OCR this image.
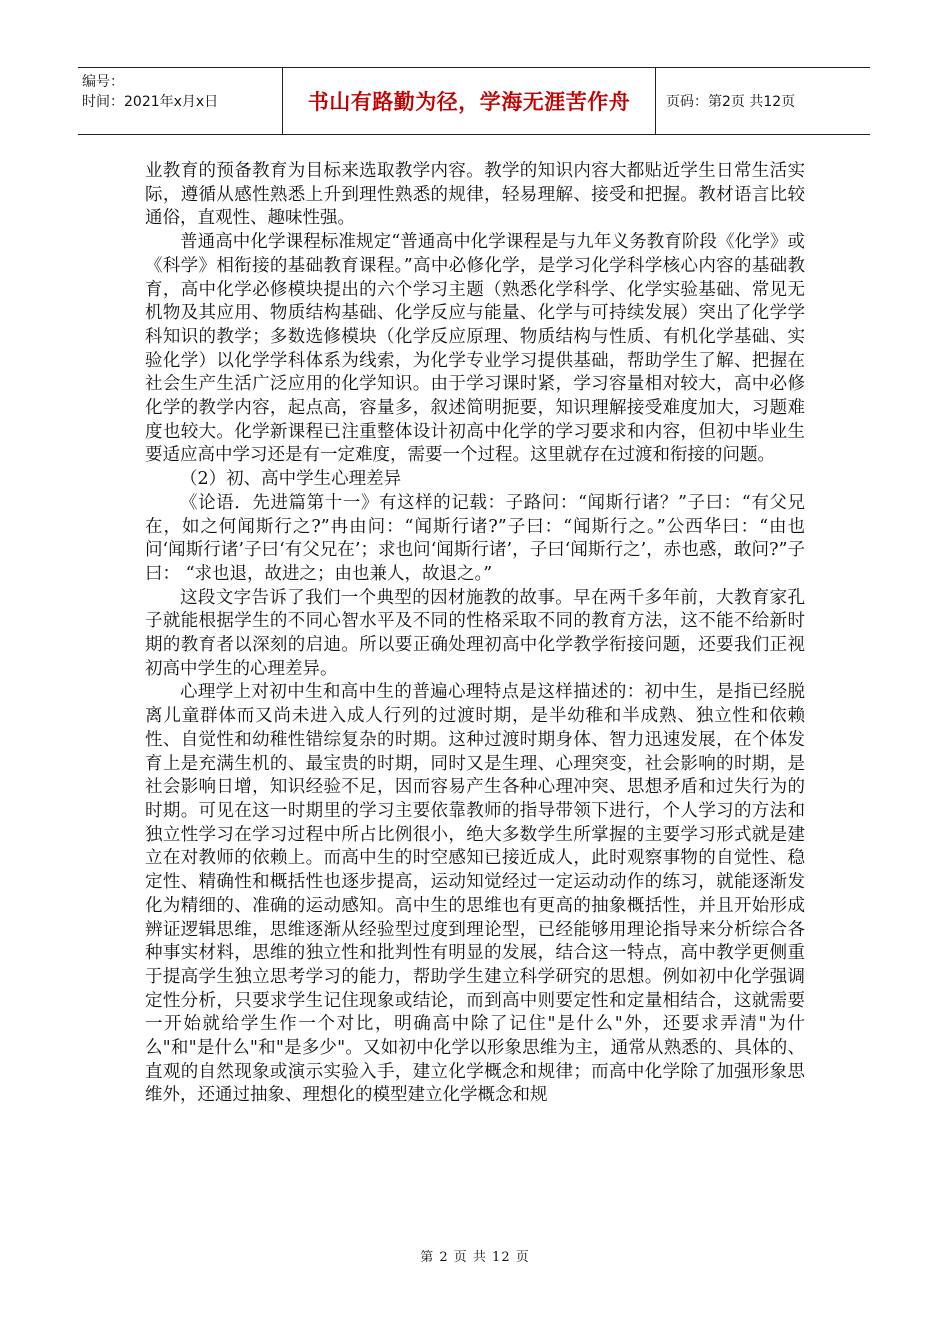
编号：
时间：2021年x月x日	书山有路勤为径，学海无涯苦作舟	页码：第2页 共12页

业教育的预备教育为目标来选取教学内容。教学的知识内容大都贴近学生日常生活实际，遵循从感性熟悉上升到理性熟悉的规律，轻易理解、接受和把握。教材语言比较通俗，直观性、趣味性强。

普通高中化学课程标准规定“普通高中化学课程是与九年义务教育阶段《化学》或《科学》相衔接的基础教育课程。”高中必修化学，是学习化学科学核心内容的基础教育，高中化学必修模块提出的六个学习主题（熟悉化学科学、化学实验基础、常见无机物及其应用、物质结构基础、化学反应与能量、化学与可持续发展）突出了化学学科知识的教学；多数选修模块（化学反应原理、物质结构与性质、有机化学基础、实验化学）以化学学科体系为线索，为化学专业学习提供基础，帮助学生了解、把握在社会生产生活广泛应用的化学知识。由于学习课时紧，学习容量相对较大，高中必修化学的教学内容，起点高，容量多，叙述简明扼要，知识理解接受难度加大，习题难度也较大。化学新课程已注重整体设计初高中化学的学习要求和内容，但初中毕业生要适应高中学习还是有一定难度，需要一个过程。这里就存在过渡和衔接的问题。

（2）初、高中学生心理差异

《论语．先进篇第十一》有这样的记载：子路问：“闻斯行诸？”子曰：“有父兄在，如之何闻斯行之?”冉由问：“闻斯行诸?”子曰：“闻斯行之。”公西华曰：“由也问‘闻斯行诸’子曰‘有父兄在’；求也问‘闻斯行诸’，子曰‘闻斯行之’，赤也惑，敢问?”子曰： “求也退，故进之；由也兼人，故退之。”

这段文字告诉了我们一个典型的因材施教的故事。早在两千多年前，大教育家孔子就能根据学生的不同心智水平及不同的性格采取不同的教育方法，这不能不给新时期的教育者以深刻的启迪。所以要正确处理初高中化学教学衔接问题，还要我们正视初高中学生的心理差异。

心理学上对初中生和高中生的普遍心理特点是这样描述的：初中生，是指已经脱离儿童群体而又尚未进入成人行列的过渡时期，是半幼稚和半成熟、独立性和依赖性、自觉性和幼稚性错综复杂的时期。这种过渡时期身体、智力迅速发展，在个体发育上是充满生机的、最宝贵的时期，同时又是生理、心理突变，社会影响的时期，是社会影响日增，知识经验不足，因而容易产生各种心理冲突、思想矛盾和过失行为的时期。可见在这一时期里的学习主要依靠教师的指导带领下进行，个人学习的方法和独立性学习在学习过程中所占比例很小，绝大多数学生所掌握的主要学习形式就是建立在对教师的依赖上。而高中生的时空感知已接近成人，此时观察事物的自觉性、稳定性、精确性和概括性也逐步提高，运动知觉经过一定运动动作的练习，就能逐渐发化为精细的、准确的运动感知。高中生的思维也有更高的抽象概括性，并且开始形成辨证逻辑思维，思维逐渐从经验型过度到理论型，已经能够用理论指导来分析综合各种事实材料，思维的独立性和批判性有明显的发展，结合这一特点，高中教学更侧重于提高学生独立思考学习的能力，帮助学生建立科学研究的思想。例如初中化学强调定性分析，只要求学生记住现象或结论，而到高中则要定性和定量相结合，这就需要一开始就给学生作一个对比，明确高中除了记住"是什么"外，还要求弄清"为什么"和"是什么"和"是多少"。又如初中化学以形象思维为主，通常从熟悉的、具体的、直观的自然现象或演示实验入手，建立化学概念和规律；而高中化学除了加强形象思维外，还通过抽象、理想化的模型建立化学概念和规

第 2 页 共 12 页
